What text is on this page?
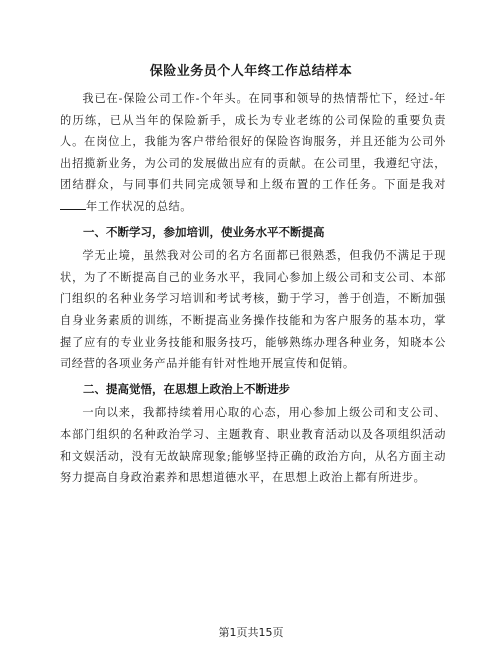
保险业务员个人年终工作总结样本

我已在-保险公司工作-个年头。在同事和领导的热情帮忙下，经过-年的历练，已从当年的保险新手，成长为专业老练的公司保险的重要负责人。在岗位上，我能为客户带给很好的保险咨询服务，并且还能为公司外出招揽新业务，为公司的发展做出应有的贡献。在公司里，我遵纪守法，团结群众，与同事们共同完成领导和上级布置的工作任务。下面是我对年工作状况的总结。

一、不断学习，参加培训，使业务水平不断提高

学无止境，虽然我对公司的名方名面都已很熟悉，但我仍不满足于现状，为了不断提高自己的业务水平，我同心参加上级公司和支公司、本部门组织的名种业务学习培训和考试考核，勤于学习，善于创造，不断加强自身业务素质的训练，不断提高业务操作技能和为客户服务的基本功，掌握了应有的专业业务技能和服务技巧，能够熟练办理各种业务，知晓本公司经营的各项业务产品并能有针对性地开展宣传和促销。

二、提高觉悟，在思想上政治上不断进步

一向以来，我都持续着用心取的心态，用心参加上级公司和支公司、本部门组织的名种政治学习、主题教育、职业教育活动以及各项组织活动和文娱活动，没有无故缺席现象;能够坚持正确的政治方向，从名方面主动努力提高自身政治素养和思想道德水平，在思想上政治上都有所进步。

第1页共15页
